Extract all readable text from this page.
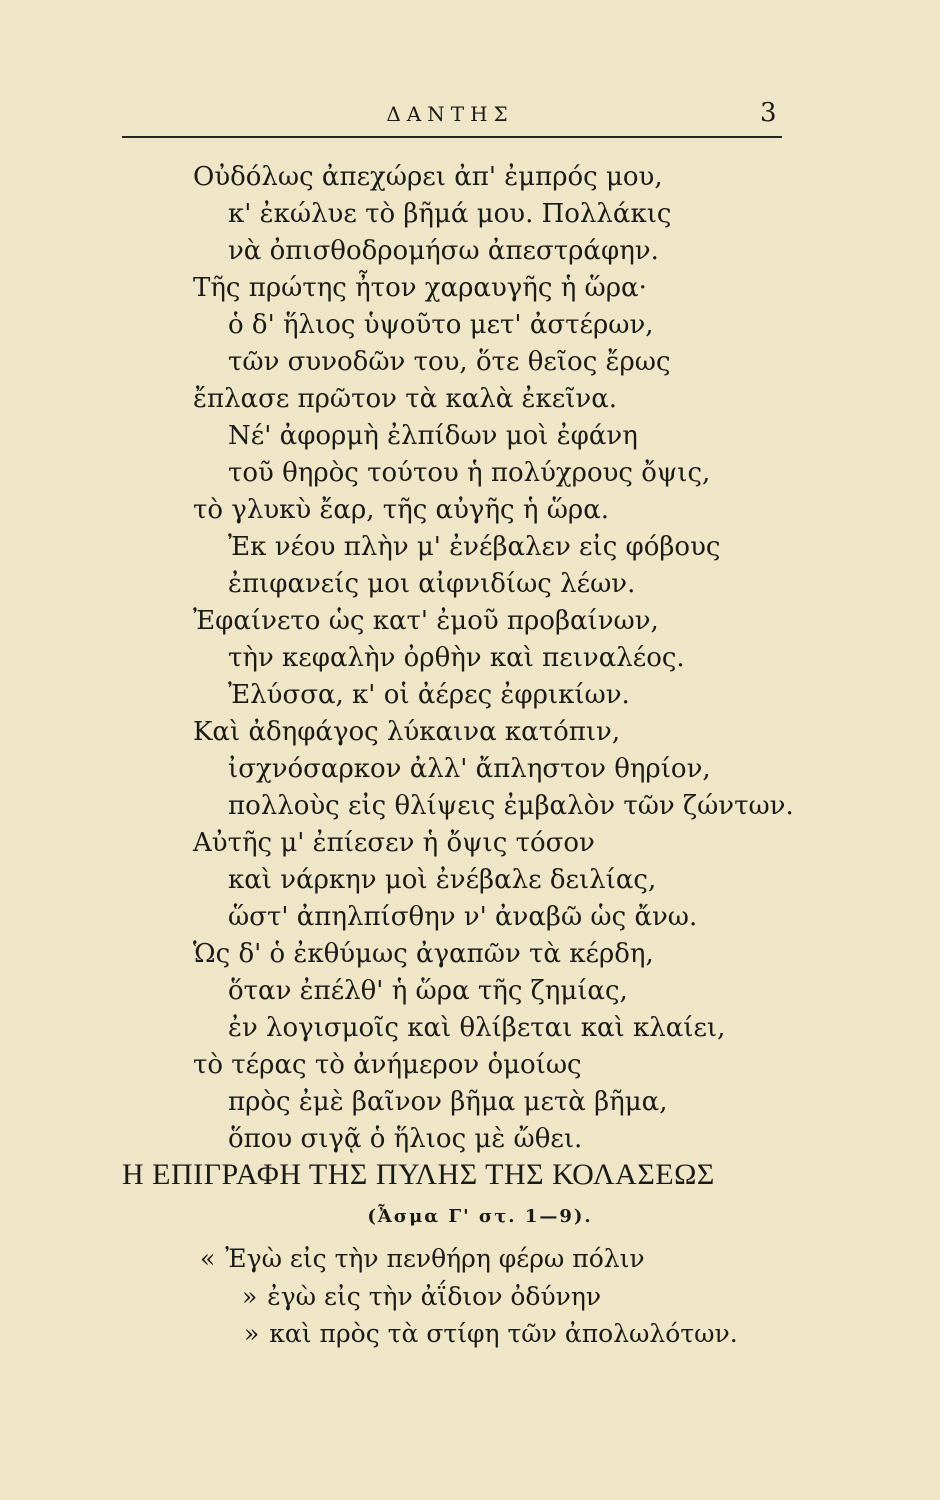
ΔΑΝΤΗΣ	3
Οὐδόλως ἀπεχώρει ἀπ' ἐμπρός μου,
κ' ἐκώλυε τὸ βῆμά μου. Πολλάκις
νὰ ὀπισθοδρομήσω ἀπεστράφην.
Τῆς πρώτης ἦτον χαραυγῆς ἡ ὥρα·
ὁ δ' ἥλιος ὑψοῦτο μετ' ἀστέρων,
τῶν συνοδῶν του, ὅτε θεῖος ἔρως
ἔπλασε πρῶτον τὰ καλὰ ἐκεῖνα.
Νέ' ἀφορμὴ ἐλπίδων μοὶ ἐφάνη
τοῦ θηρὸς τούτου ἡ πολύχρους ὄψις,
τὸ γλυκὺ ἔαρ, τῆς αὐγῆς ἡ ὥρα.
Ἐκ νέου πλὴν μ' ἐνέβαλεν εἰς φόβους
ἐπιφανείς μοι αἰφνιδίως λέων.
Ἐφαίνετο ὡς κατ' ἐμοῦ προβαίνων,
τὴν κεφαλὴν ὀρθὴν καὶ πειναλέος.
Ἐλύσσα, κ' οἱ ἀέρες ἐφρικίων.
Καὶ ἀδηφάγος λύκαινα κατόπιν,
ἰσχνόσαρκον ἀλλ' ἄπληστον θηρίον,
πολλοὺς εἰς θλίψεις ἐμβαλὸν τῶν ζώντων.
Αὐτῆς μ' ἐπίεσεν ἡ ὄψις τόσον
καὶ νάρκην μοὶ ἐνέβαλε δειλίας,
ὥστ' ἀπηλπίσθην ν' ἀναβῶ ὡς ἄνω.
Ὡς δ' ὁ ἐκθύμως ἀγαπῶν τὰ κέρδη,
ὅταν ἐπέλθ' ἡ ὥρα τῆς ζημίας,
ἐν λογισμοῖς καὶ θλίβεται καὶ κλαίει,
τὸ τέρας τὸ ἀνήμερον ὁμοίως
πρὸς ἐμὲ βαῖνον βῆμα μετὰ βῆμα,
ὅπου σιγᾷ ὁ ἥλιος μὲ ὤθει.
Η ΕΠΙΓΡΑΦΗ ΤΗΣ ΠΥΛΗΣ ΤΗΣ ΚΟΛΑΣΕΩΣ
(Ἆσμα Γ' στ. 1—9).
« Ἐγὼ εἰς τὴν πενθήρη φέρω πόλιν
» ἐγὼ εἰς τὴν ἀΐδιον ὀδύνην
» καὶ πρὸς τὰ στίφη τῶν ἀπολωλότων.
